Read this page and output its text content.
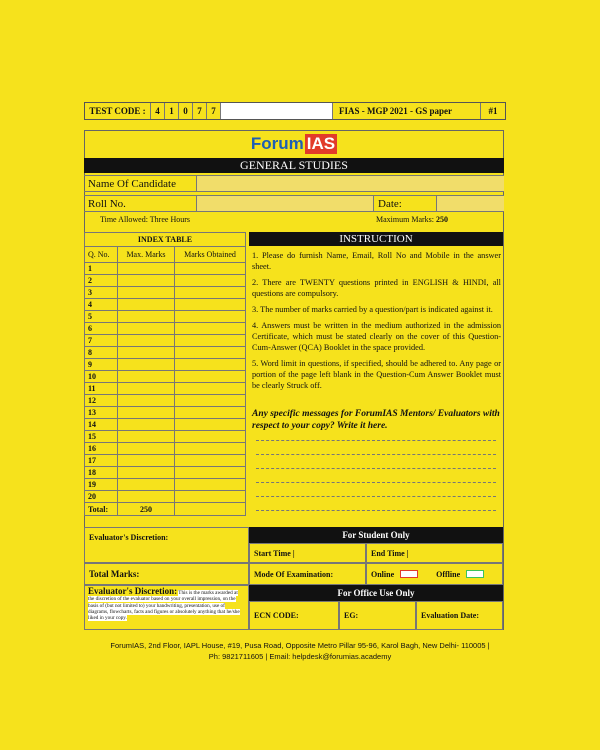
TEST CODE :	4	1	0	7	7	FIAS - MGP 2021 - GS paper	#1
Forum IAS
GENERAL STUDIES
Name Of Candidate
Roll No.	Date:
Time Allowed: Three Hours	Maximum Marks: 250
INDEX TABLE		
Q. No.	Max. Marks	Marks Obtained
1		
2		
3		
4		
5		
6		
7		
8		
9		
10		
11		
12		
13		
14		
15		
16		
17		
18		
19		
20		
Total:	250	
INSTRUCTION

1. Please do furnish Name, Email, Roll No and Mobile in the answer sheet.

2. There are TWENTY questions printed in ENGLISH & HINDI, all questions are compulsory.

3. The number of marks carried by a question/part is indicated against it.

4. Answers must be written in the medium authorized in the admission Certificate, which must be stated clearly on the cover of this Question-Cum-Answer (QCA) Booklet in the space provided.

5. Word limit in questions, if specified, should be adhered to. Any page or portion of the page left blank in the Question-Cum Answer Booklet must be clearly Struck off.

Any specific messages for ForumIAS Mentors/ Evaluators with respect to your copy? Write it here.
Evaluator's Discretion:	For Student Only
Start Time |	End Time |
Total Marks:	Mode Of Examination:	Online	Offline
Evaluator's Discretion: This is the marks awarded at the discretion of the evaluator based on your overall impression, on the basis of (but not limited to) your handwriting, presentation, use of diagrams, flowcharts, facts and figures or absolutely anything that he/she liked in your copy.
For Office Use Only
ECN CODE:	EG:	Evaluation Date:
ForumIAS, 2nd Floor, IAPL House, #19, Pusa Road, Opposite Metro Pillar 95-96, Karol Bagh, New Delhi- 110005 |
Ph: 9821711605 | Email: helpdesk@forumias.academy
